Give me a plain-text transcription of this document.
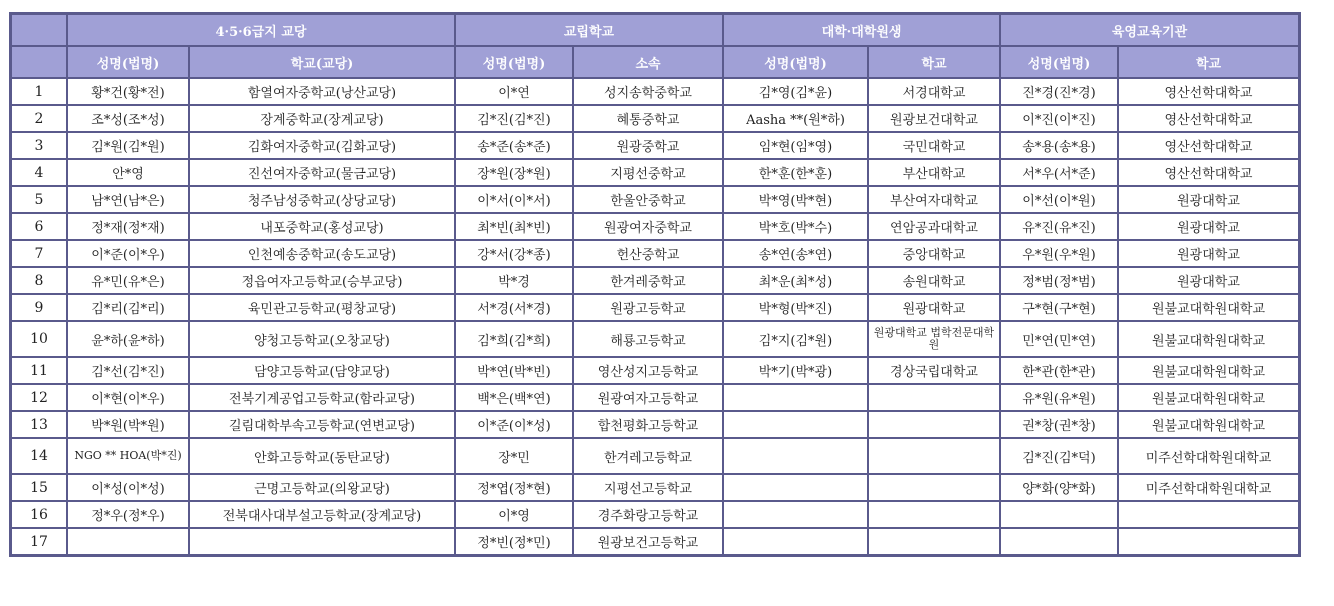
	4·5·6급지 교당		교립학교		대학·대학원생		육영교육기관	
	성명(법명)	학교(교당)	성명(법명)	소속	성명(법명)	학교	성명(법명)	학교
1	황*건(황*전)	함열여자중학교(낭산교당)	이*연	성지송학중학교	김*영(김*윤)	서경대학교	진*경(진*경)	영산선학대학교
2	조*성(조*성)	장계중학교(장계교당)	김*진(김*진)	혜통중학교	Aasha **(원*하)	원광보건대학교	이*진(이*진)	영산선학대학교
3	김*원(김*원)	김화여자중학교(김화교당)	송*준(송*준)	원광중학교	임*현(임*영)	국민대학교	송*용(송*용)	영산선학대학교
4	안*영	진선여자중학교(물금교당)	장*원(장*원)	지평선중학교	한*훈(한*훈)	부산대학교	서*우(서*준)	영산선학대학교
5	남*연(남*은)	청주남성중학교(상당교당)	이*서(이*서)	한울안중학교	박*영(박*현)	부산여자대학교	이*선(이*원)	원광대학교
6	정*재(정*재)	내포중학교(홍성교당)	최*빈(최*빈)	원광여자중학교	박*호(박*수)	연암공과대학교	유*진(유*진)	원광대학교
7	이*준(이*우)	인천예송중학교(송도교당)	강*서(강*종)	헌산중학교	송*연(송*연)	중앙대학교	우*원(우*원)	원광대학교
8	유*민(유*은)	정읍여자고등학교(승부교당)	박*경	한겨레중학교	최*운(최*성)	송원대학교	정*범(정*범)	원광대학교
9	김*리(김*리)	육민관고등학교(평창교당)	서*경(서*경)	원광고등학교	박*형(박*진)	원광대학교	구*현(구*현)	원불교대학원대학교
10	윤*하(윤*하)	양청고등학교(오창교당)	김*희(김*희)	해룡고등학교	김*지(김*원)	원광대학교 법학전문대학원	민*연(민*연)	원불교대학원대학교
11	김*선(김*진)	담양고등학교(담양교당)	박*연(박*빈)	영산성지고등학교	박*기(박*광)	경상국립대학교	한*관(한*관)	원불교대학원대학교
12	이*현(이*우)	전북기계공업고등학교(함라교당)	백*은(백*연)	원광여자고등학교			유*원(유*원)	원불교대학원대학교
13	박*원(박*원)	길림대학부속고등학교(연변교당)	이*준(이*성)	합천평화고등학교			권*창(권*창)	원불교대학원대학교
14	NGO ** HOA(박*진)	안화고등학교(동탄교당)	장*민	한겨레고등학교			김*진(김*덕)	미주선학대학원대학교
15	이*성(이*성)	근명고등학교(의왕교당)	정*엽(정*현)	지평선고등학교			양*화(양*화)	미주선학대학원대학교
16	정*우(정*우)	전북대사대부설고등학교(장계교당)	이*영	경주화랑고등학교				
17			정*빈(정*민)	원광보건고등학교				
